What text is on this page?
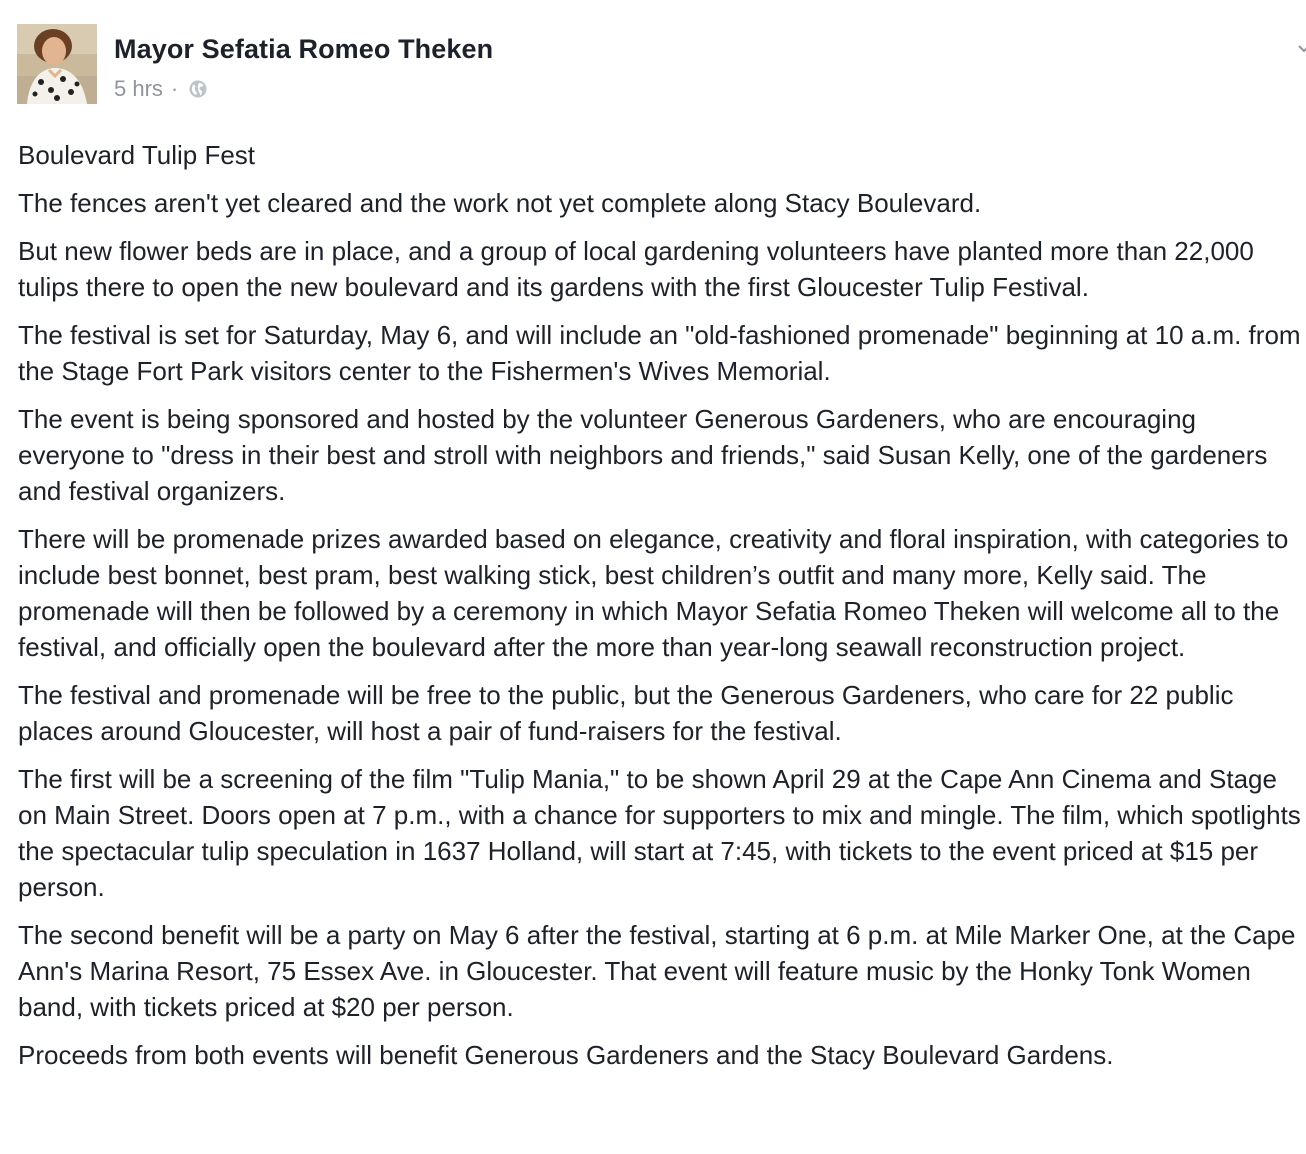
Mayor Sefatia Romeo Theken
5 hrs ·

Boulevard Tulip Fest

The fences aren't yet cleared and the work not yet complete along Stacy Boulevard.

But new flower beds are in place, and a group of local gardening volunteers have planted more than 22,000 tulips there to open the new boulevard and its gardens with the first Gloucester Tulip Festival.

The festival is set for Saturday, May 6, and will include an "old-fashioned promenade" beginning at 10 a.m. from the Stage Fort Park visitors center to the Fishermen's Wives Memorial.

The event is being sponsored and hosted by the volunteer Generous Gardeners, who are encouraging everyone to "dress in their best and stroll with neighbors and friends," said Susan Kelly, one of the gardeners and festival organizers.

There will be promenade prizes awarded based on elegance, creativity and floral inspiration, with categories to include best bonnet, best pram, best walking stick, best children’s outfit and many more, Kelly said. The promenade will then be followed by a ceremony in which Mayor Sefatia Romeo Theken will welcome all to the festival, and officially open the boulevard after the more than year-long seawall reconstruction project.

The festival and promenade will be free to the public, but the Generous Gardeners, who care for 22 public places around Gloucester, will host a pair of fund-raisers for the festival.

The first will be a screening of the film "Tulip Mania," to be shown April 29 at the Cape Ann Cinema and Stage on Main Street. Doors open at 7 p.m., with a chance for supporters to mix and mingle. The film, which spotlights the spectacular tulip speculation in 1637 Holland, will start at 7:45, with tickets to the event priced at $15 per person.

The second benefit will be a party on May 6 after the festival, starting at 6 p.m. at Mile Marker One, at the Cape Ann's Marina Resort, 75 Essex Ave. in Gloucester. That event will feature music by the Honky Tonk Women band, with tickets priced at $20 per person.

Proceeds from both events will benefit Generous Gardeners and the Stacy Boulevard Gardens.
